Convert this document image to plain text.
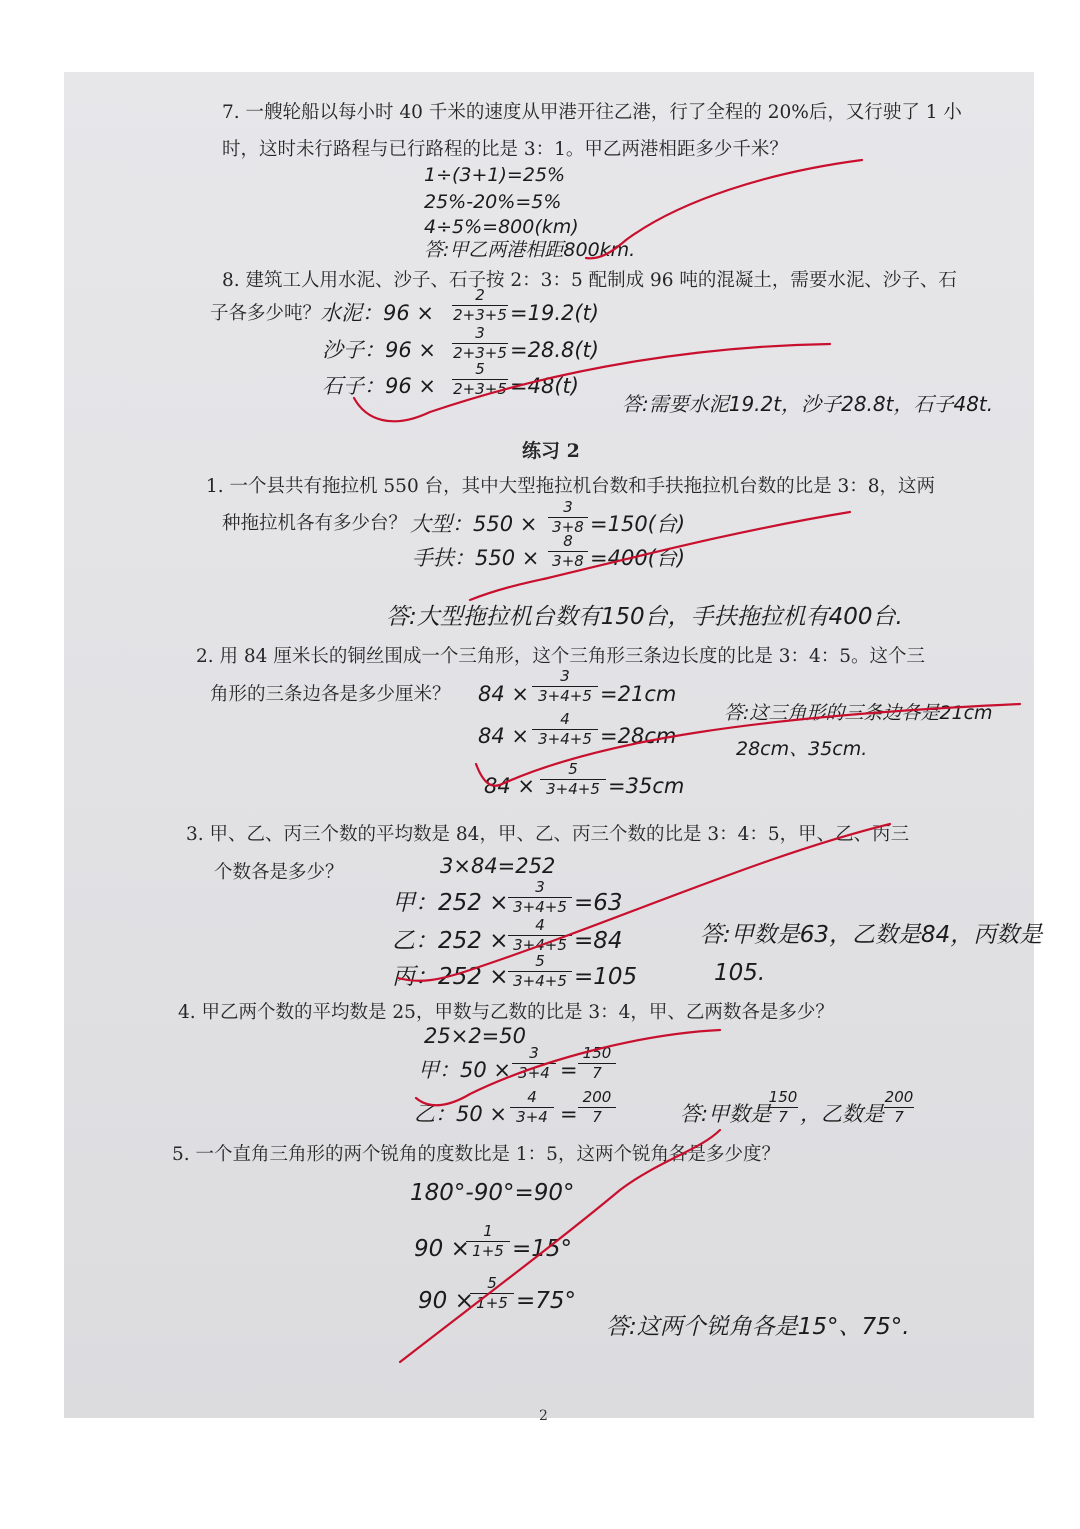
7. 一艘轮船以每小时 40 千米的速度从甲港开往乙港，行了全程的 20%后，又行驶了 1 小
时，这时未行路程与已行路程的比是 3：1。甲乙两港相距多少千米？
1÷(3+1)=25%
25%-20%=5%
4÷5%=800(km)
答:甲乙两港相距800km.
8. 建筑工人用水泥、沙子、石子按 2：3：5 配制成 96 吨的混凝土，需要水泥、沙子、石
子各多少吨？
水泥：$96 \times \frac{2}{2+3+5} =19.2(t)$
沙子：$96 \times \frac{3}{2+3+5} =28.8(t)$
石子：$96 \times \frac{5}{2+3+5} =48(t)$
答:需要水泥19.2t，沙子28.8t，石子48t.
练习 2
1. 一个县共有拖拉机 550 台，其中大型拖拉机台数和手扶拖拉机台数的比是 3：8，这两
种拖拉机各有多少台？ 大型：$550 \times \frac{3}{3+8} =150$(台)
手扶：$550 \times \frac{8}{3+8} =400$(台)
答:大型拖拉机台数有150台，手扶拖拉机有400台.
2. 用 84 厘米长的铜丝围成一个三角形，这个三角形三条边长度的比是 3：4：5。这个三
角形的三条边各是多少厘米？ $84 \times \frac{3}{3+4+5} =21cm$
$84 \times \frac{4}{3+4+5} =28cm$
$84 \times \frac{5}{3+4+5} =35cm$
答:这三角形的三条边各是21cm
28cm、35cm.
3. 甲、乙、丙三个数的平均数是 84，甲、乙、丙三个数的比是 3：4：5，甲、乙、丙三
个数各是多少？	3×84=252
甲：$252 \times \frac{3}{3+4+5} =63$
乙：$252 \times \frac{4}{3+4+5} =84$
丙：$252 \times \frac{5}{3+4+5} =105$
答:甲数是63，乙数是84，丙数是
105.
4. 甲乙两个数的平均数是 25，甲数与乙数的比是 3：4，甲、乙两数各是多少？
25×2=50
甲：$50 \times \frac{3}{3+4} = \frac{150}{7}$
乙：$50 \times \frac{4}{3+4} = \frac{200}{7}$	答:甲数是
$\frac{150}{7}$ ，乙数是 $\frac{200}{7}$
5. 一个直角三角形的两个锐角的度数比是 1：5，这两个锐角各是多少度？
180°-90°=90°
90 ×
$\frac{1}{1+5} =15^\circ$
90 ×
$\frac{5}{1+5} =75^\circ$
答:这两个锐角各是15°、75°.
2
